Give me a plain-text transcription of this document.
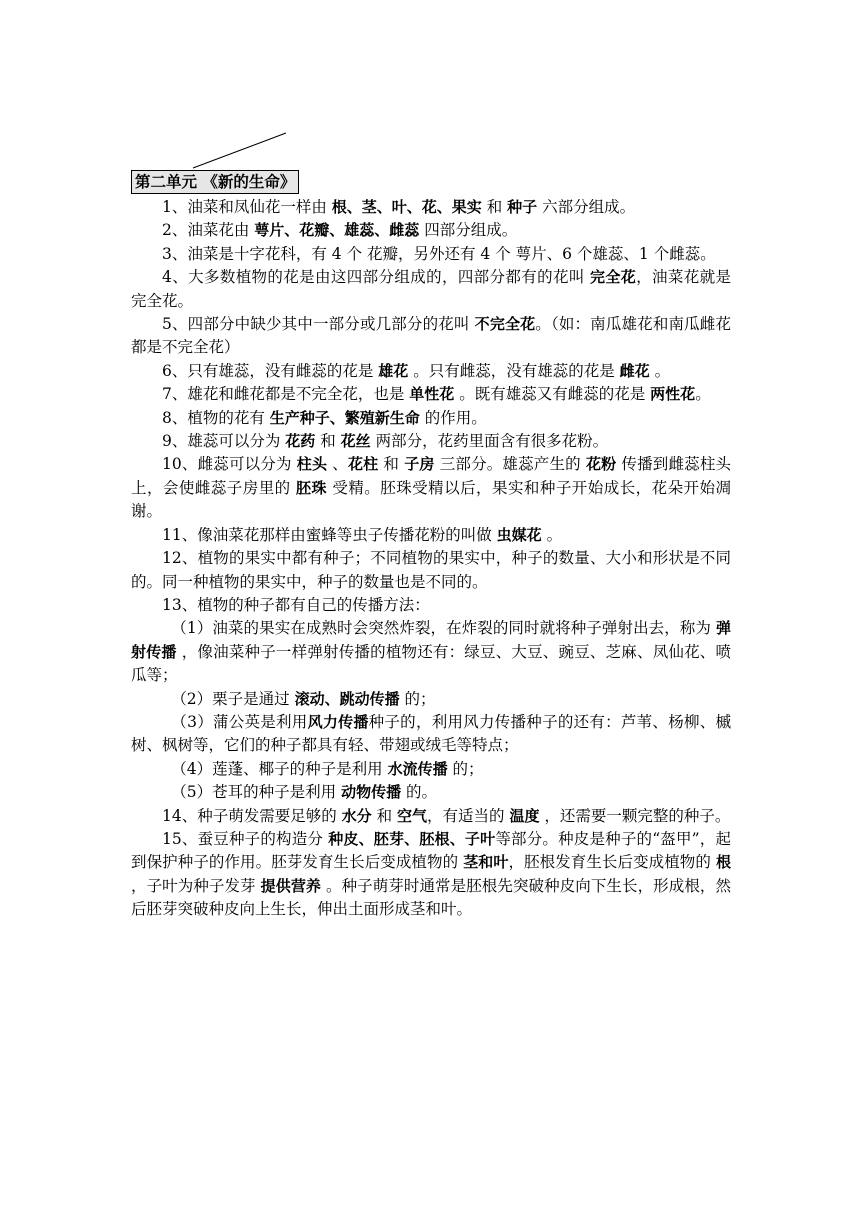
第二单元 《新的生命》

1、油菜和凤仙花一样由 根、茎、叶、花、果实 和 种子 六部分组成。

2、油菜花由 萼片、花瓣、雄蕊、雌蕊 四部分组成。

3、油菜是十字花科，有 4 个 花瓣，另外还有 4 个 萼片、6 个雄蕊、1 个雌蕊。

4、大多数植物的花是由这四部分组成的，四部分都有的花叫 完全花，油菜花就是完全花。

5、四部分中缺少其中一部分或几部分的花叫 不完全花。（如：南瓜雄花和南瓜雌花都是不完全花）

6、只有雄蕊，没有雌蕊的花是 雄花 。只有雌蕊，没有雄蕊的花是 雌花 。

7、雄花和雌花都是不完全花，也是 单性花 。既有雄蕊又有雌蕊的花是 两性花。

8、植物的花有 生产种子、繁殖新生命 的作用。

9、雄蕊可以分为 花药 和 花丝 两部分，花药里面含有很多花粉。

10、雌蕊可以分为 柱头 、花柱 和 子房 三部分。雄蕊产生的 花粉 传播到雌蕊柱头上，会使雌蕊子房里的 胚珠 受精。胚珠受精以后，果实和种子开始成长，花朵开始凋谢。

11、像油菜花那样由蜜蜂等虫子传播花粉的叫做 虫媒花 。

12、植物的果实中都有种子；不同植物的果实中，种子的数量、大小和形状是不同的。同一种植物的果实中，种子的数量也是不同的。

13、植物的种子都有自己的传播方法：

（1）油菜的果实在成熟时会突然炸裂，在炸裂的同时就将种子弹射出去，称为 弹射传播 ，像油菜种子一样弹射传播的植物还有：绿豆、大豆、豌豆、芝麻、凤仙花、喷瓜等；

（2）栗子是通过 滚动、跳动传播 的；

（3）蒲公英是利用风力传播种子的，利用风力传播种子的还有：芦苇、杨柳、槭树、枫树等，它们的种子都具有轻、带翅或绒毛等特点；

（4）莲蓬、椰子的种子是利用 水流传播 的；

（5）苍耳的种子是利用 动物传播 的。

14、种子萌发需要足够的 水分 和 空气，有适当的 温度 ，还需要一颗完整的种子。

15、蚕豆种子的构造分 种皮、胚芽、胚根、子叶等部分。种皮是种子的“盔甲”，起到保护种子的作用。胚芽发育生长后变成植物的 茎和叶，胚根发育生长后变成植物的 根 ，子叶为种子发芽 提供营养 。种子萌芽时通常是胚根先突破种皮向下生长，形成根，然后胚芽突破种皮向上生长，伸出土面形成茎和叶。
